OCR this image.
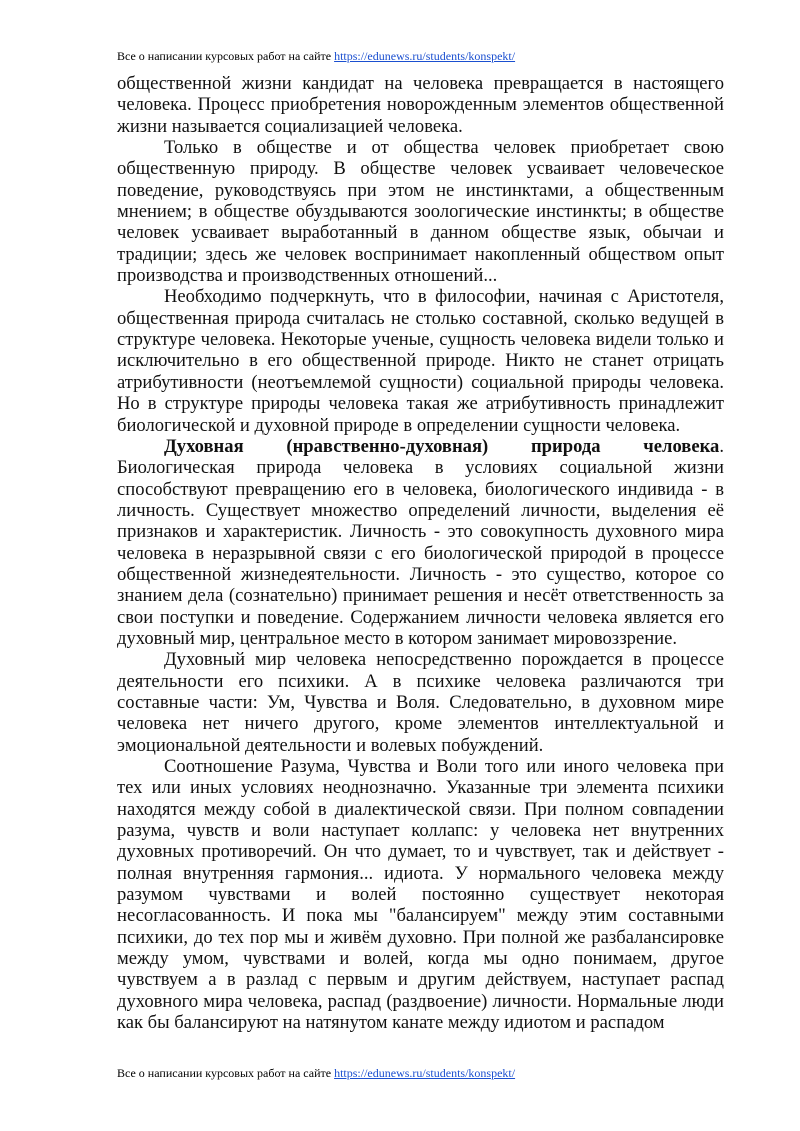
Все о написании курсовых работ на сайте https://edunews.ru/students/konspekt/

общественной жизни кандидат на человека превращается в настоящего человека. Процесс приобретения новорожденным элементов общественной жизни называется социализацией человека.

Только в обществе и от общества человек приобретает свою общественную природу. В обществе человек усваивает человеческое поведение, руководствуясь при этом не инстинктами, а общественным мнением; в обществе обуздываются зоологические инстинкты; в обществе человек усваивает выработанный в данном обществе язык, обычаи и традиции; здесь же человек воспринимает накопленный обществом опыт производства и производственных отношений...

Необходимо подчеркнуть, что в философии, начиная с Аристотеля, общественная природа считалась не столько составной, сколько ведущей в структуре человека. Некоторые ученые, сущность человека видели только и исключительно в его общественной природе. Никто не станет отрицать атрибутивности (неотъемлемой сущности) социальной природы человека. Но в структуре природы человека такая же атрибутивность принадлежит биологической и духовной природе в определении сущности человека.

Духовная (нравственно-духовная) природа человека. Биологическая природа человека в условиях социальной жизни способствуют превращению его в человека, биологического индивида - в личность. Существует множество определений личности, выделения её признаков и характеристик. Личность - это совокупность духовного мира человека в неразрывной связи с его биологической природой в процессе общественной жизнедеятельности. Личность - это существо, которое со знанием дела (сознательно) принимает решения и несёт ответственность за свои поступки и поведение. Содержанием личности человека является его духовный мир, центральное место в котором занимает мировоззрение.

Духовный мир человека непосредственно порождается в процессе деятельности его психики. А в психике человека различаются три составные части: Ум, Чувства и Воля. Следовательно, в духовном мире человека нет ничего другого, кроме элементов интеллектуальной и эмоциональной деятельности и волевых побуждений.

Соотношение Разума, Чувства и Воли того или иного человека при тех или иных условиях неоднозначно. Указанные три элемента психики находятся между собой в диалектической связи. При полном совпадении разума, чувств и воли наступает коллапс: у человека нет внутренних духовных противоречий. Он что думает, то и чувствует, так и действует - полная внутренняя гармония... идиота. У нормального человека между разумом чувствами и волей постоянно существует некоторая несогласованность. И пока мы "балансируем" между этим составными психики, до тех пор мы и живём духовно. При полной же разбалансировке между умом, чувствами и волей, когда мы одно понимаем, другое чувствуем а в разлад с первым и другим действуем, наступает распад духовного мира человека, распад (раздвоение) личности. Нормальные люди как бы балансируют на натянутом канате между идиотом и распадом

Все о написании курсовых работ на сайте https://edunews.ru/students/konspekt/
